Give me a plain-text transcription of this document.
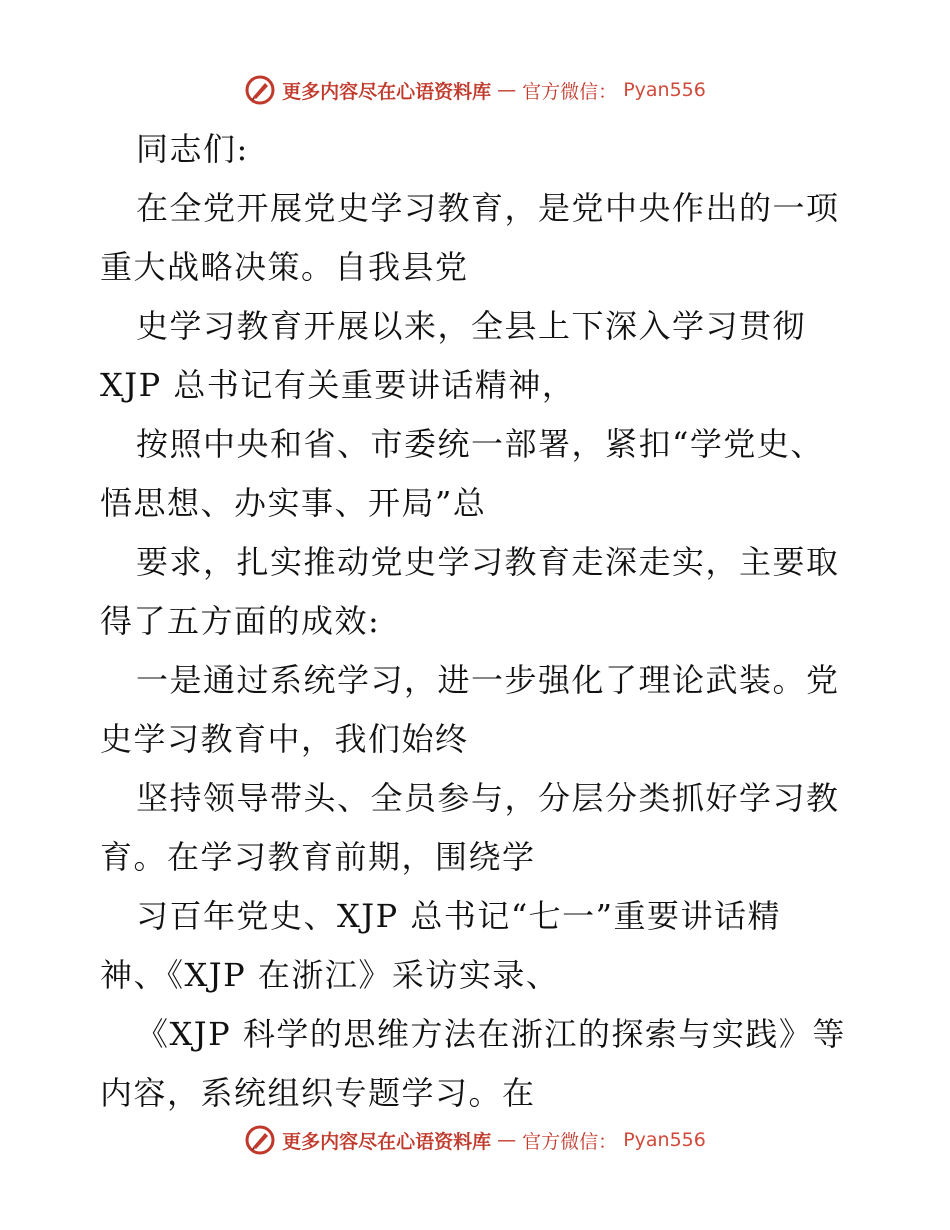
更多内容尽在心语资料库 — 官方微信： Pyan556
同志们:
在全党开展党史学习教育，是党中央作出的一项
重大战略决策。自我县党
史学习教育开展以来，全县上下深入学习贯彻
XJP 总书记有关重要讲话精神，
按照中央和省、市委统一部署，紧扣“学党史、
悟思想、办实事、开局”总
要求，扎实推动党史学习教育走深走实，主要取
得了五方面的成效:
一是通过系统学习，进一步强化了理论武装。党
史学习教育中，我们始终
坚持领导带头、全员参与，分层分类抓好学习教
育。在学习教育前期，围绕学
习百年党史、XJP 总书记“七一”重要讲话精
神、《XJP 在浙江》采访实录、
《XJP 科学的思维方法在浙江的探索与实践》等
内容，系统组织专题学习。在
更多内容尽在心语资料库 — 官方微信： Pyan556
